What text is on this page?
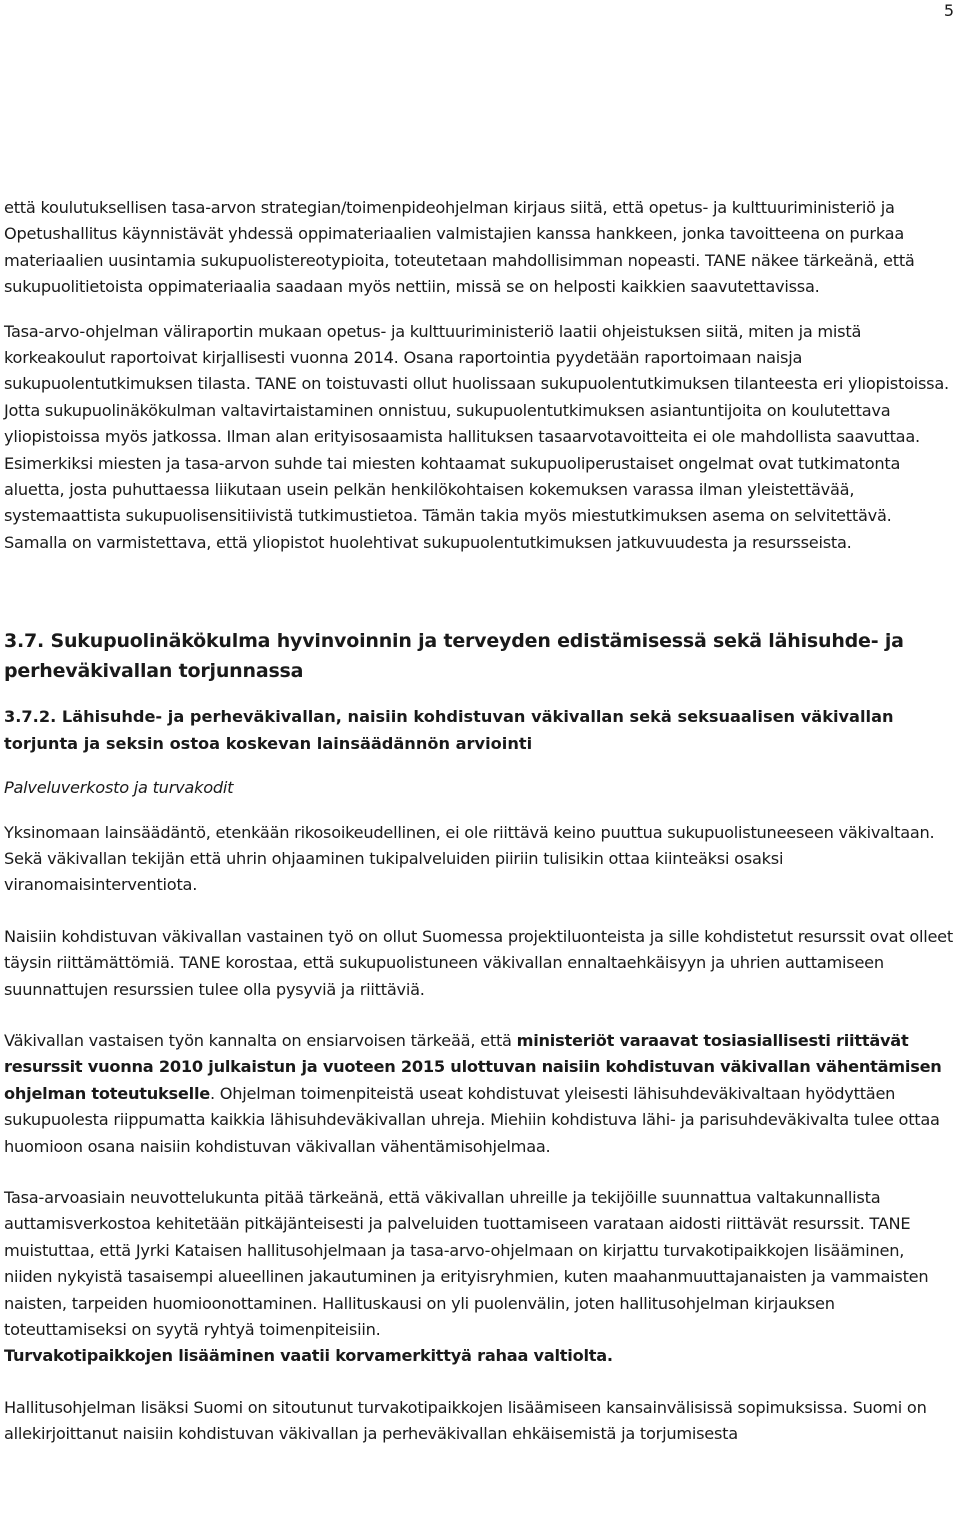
5

että koulutuksellisen tasa-arvon strategian/toimenpideohjelman kirjaus siitä, että opetus- ja kulttuuriministeriö ja Opetushallitus käynnistävät yhdessä oppimateriaalien valmistajien kanssa hankkeen, jonka tavoitteena on purkaa materiaalien uusintamia sukupuolistereotypioita, toteutetaan mahdollisimman nopeasti. TANE näkee tärkeänä, että sukupuolitietoista oppimateriaalia saadaan myös nettiin, missä se on helposti kaikkien saavutettavissa.

Tasa-arvo-ohjelman väliraportin mukaan opetus- ja kulttuuriministeriö laatii ohjeistuksen siitä, miten ja mistä korkeakoulut raportoivat kirjallisesti vuonna 2014. Osana raportointia pyydetään raportoimaan naisja sukupuolentutkimuksen tilasta. TANE on toistuvasti ollut huolissaan sukupuolentutkimuksen tilanteesta eri yliopistoissa. Jotta sukupuolinäkökulman valtavirtaistaminen onnistuu, sukupuolentutkimuksen asiantuntijoita on koulutettava yliopistoissa myös jatkossa. Ilman alan erityisosaamista hallituksen tasaarvotavoitteita ei ole mahdollista saavuttaa. Esimerkiksi miesten ja tasa-arvon suhde tai miesten kohtaamat sukupuoliperustaiset ongelmat ovat tutkimatonta aluetta, josta puhuttaessa liikutaan usein pelkän henkilökohtaisen kokemuksen varassa ilman yleistettävää, systemaattista sukupuolisensitiivistä tutkimustietoa. Tämän takia myös miestutkimuksen asema on selvitettävä. Samalla on varmistettava, että yliopistot huolehtivat sukupuolentutkimuksen jatkuvuudesta ja resursseista.

3.7. Sukupuolinäkökulma hyvinvoinnin ja terveyden edistämisessä sekä lähisuhde- ja perheväkivallan torjunnassa
3.7.2. Lähisuhde- ja perheväkivallan, naisiin kohdistuvan väkivallan sekä seksuaalisen väkivallan torjunta ja seksin ostoa koskevan lainsäädännön arviointi

Palveluverkosto ja turvakodit

Yksinomaan lainsäädäntö, etenkään rikosoikeudellinen, ei ole riittävä keino puuttua sukupuolistuneeseen väkivaltaan. Sekä väkivallan tekijän että uhrin ohjaaminen tukipalveluiden piiriin tulisikin ottaa kiinteäksi osaksi viranomaisinterventiota.

Naisiin kohdistuvan väkivallan vastainen työ on ollut Suomessa projektiluonteista ja sille kohdistetut resurssit ovat olleet täysin riittämättömiä. TANE korostaa, että sukupuolistuneen väkivallan ennaltaehkäisyyn ja uhrien auttamiseen suunnattujen resurssien tulee olla pysyviä ja riittäviä.

Väkivallan vastaisen työn kannalta on ensiarvoisen tärkeää, että ministeriöt varaavat tosiasiallisesti riittävät resurssit vuonna 2010 julkaistun ja vuoteen 2015 ulottuvan naisiin kohdistuvan väkivallan vähentämisen ohjelman toteutukselle. Ohjelman toimenpiteistä useat kohdistuvat yleisesti lähisuhdeväkivaltaan hyödyttäen sukupuolesta riippumatta kaikkia lähisuhdeväkivallan uhreja. Miehiin kohdistuva lähi- ja parisuhdeväkivalta tulee ottaa huomioon osana naisiin kohdistuvan väkivallan vähentämisohjelmaa.

Tasa-arvoasiain neuvottelukunta pitää tärkeänä, että väkivallan uhreille ja tekijöille suunnattua valtakunnallista auttamisverkostoa kehitetään pitkäjänteisesti ja palveluiden tuottamiseen varataan aidosti riittävät resurssit. TANE muistuttaa, että Jyrki Kataisen hallitusohjelmaan ja tasa-arvo-ohjelmaan on kirjattu turvakotipaikkojen lisääminen, niiden nykyistä tasaisempi alueellinen jakautuminen ja erityisryhmien, kuten maahanmuuttajanaisten ja vammaisten naisten, tarpeiden huomioonottaminen. Hallituskausi on yli puolenvälin, joten hallitusohjelman kirjauksen toteuttamiseksi on syytä ryhtyä toimenpiteisiin.
Turvakotipaikkojen lisääminen vaatii korvamerkittyä rahaa valtiolta.

Hallitusohjelman lisäksi Suomi on sitoutunut turvakotipaikkojen lisäämiseen kansainvälisissä sopimuksissa. Suomi on allekirjoittanut naisiin kohdistuvan väkivallan ja perheväkivallan ehkäisemistä ja torjumisesta
